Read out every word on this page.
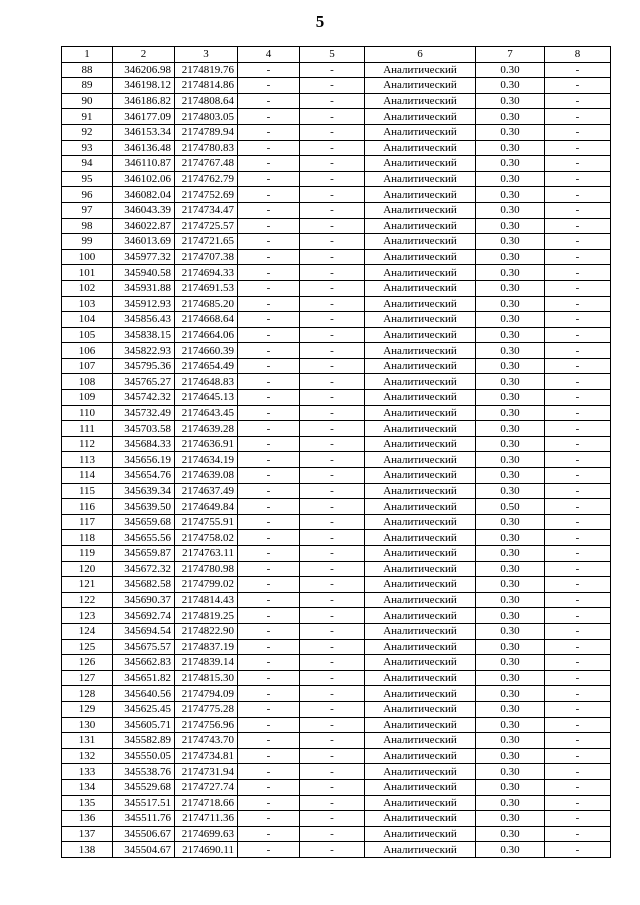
5
1	2	3	4	5	6	7	8
88	346206.98	2174819.76	-	-	Аналитический	0.30	-
89	346198.12	2174814.86	-	-	Аналитический	0.30	-
90	346186.82	2174808.64	-	-	Аналитический	0.30	-
91	346177.09	2174803.05	-	-	Аналитический	0.30	-
92	346153.34	2174789.94	-	-	Аналитический	0.30	-
93	346136.48	2174780.83	-	-	Аналитический	0.30	-
94	346110.87	2174767.48	-	-	Аналитический	0.30	-
95	346102.06	2174762.79	-	-	Аналитический	0.30	-
96	346082.04	2174752.69	-	-	Аналитический	0.30	-
97	346043.39	2174734.47	-	-	Аналитический	0.30	-
98	346022.87	2174725.57	-	-	Аналитический	0.30	-
99	346013.69	2174721.65	-	-	Аналитический	0.30	-
100	345977.32	2174707.38	-	-	Аналитический	0.30	-
101	345940.58	2174694.33	-	-	Аналитический	0.30	-
102	345931.88	2174691.53	-	-	Аналитический	0.30	-
103	345912.93	2174685.20	-	-	Аналитический	0.30	-
104	345856.43	2174668.64	-	-	Аналитический	0.30	-
105	345838.15	2174664.06	-	-	Аналитический	0.30	-
106	345822.93	2174660.39	-	-	Аналитический	0.30	-
107	345795.36	2174654.49	-	-	Аналитический	0.30	-
108	345765.27	2174648.83	-	-	Аналитический	0.30	-
109	345742.32	2174645.13	-	-	Аналитический	0.30	-
110	345732.49	2174643.45	-	-	Аналитический	0.30	-
111	345703.58	2174639.28	-	-	Аналитический	0.30	-
112	345684.33	2174636.91	-	-	Аналитический	0.30	-
113	345656.19	2174634.19	-	-	Аналитический	0.30	-
114	345654.76	2174639.08	-	-	Аналитический	0.30	-
115	345639.34	2174637.49	-	-	Аналитический	0.30	-
116	345639.50	2174649.84	-	-	Аналитический	0.50	-
117	345659.68	2174755.91	-	-	Аналитический	0.30	-
118	345655.56	2174758.02	-	-	Аналитический	0.30	-
119	345659.87	2174763.11	-	-	Аналитический	0.30	-
120	345672.32	2174780.98	-	-	Аналитический	0.30	-
121	345682.58	2174799.02	-	-	Аналитический	0.30	-
122	345690.37	2174814.43	-	-	Аналитический	0.30	-
123	345692.74	2174819.25	-	-	Аналитический	0.30	-
124	345694.54	2174822.90	-	-	Аналитический	0.30	-
125	345675.57	2174837.19	-	-	Аналитический	0.30	-
126	345662.83	2174839.14	-	-	Аналитический	0.30	-
127	345651.82	2174815.30	-	-	Аналитический	0.30	-
128	345640.56	2174794.09	-	-	Аналитический	0.30	-
129	345625.45	2174775.28	-	-	Аналитический	0.30	-
130	345605.71	2174756.96	-	-	Аналитический	0.30	-
131	345582.89	2174743.70	-	-	Аналитический	0.30	-
132	345550.05	2174734.81	-	-	Аналитический	0.30	-
133	345538.76	2174731.94	-	-	Аналитический	0.30	-
134	345529.68	2174727.74	-	-	Аналитический	0.30	-
135	345517.51	2174718.66	-	-	Аналитический	0.30	-
136	345511.76	2174711.36	-	-	Аналитический	0.30	-
137	345506.67	2174699.63	-	-	Аналитический	0.30	-
138	345504.67	2174690.11	-	-	Аналитический	0.30	-
